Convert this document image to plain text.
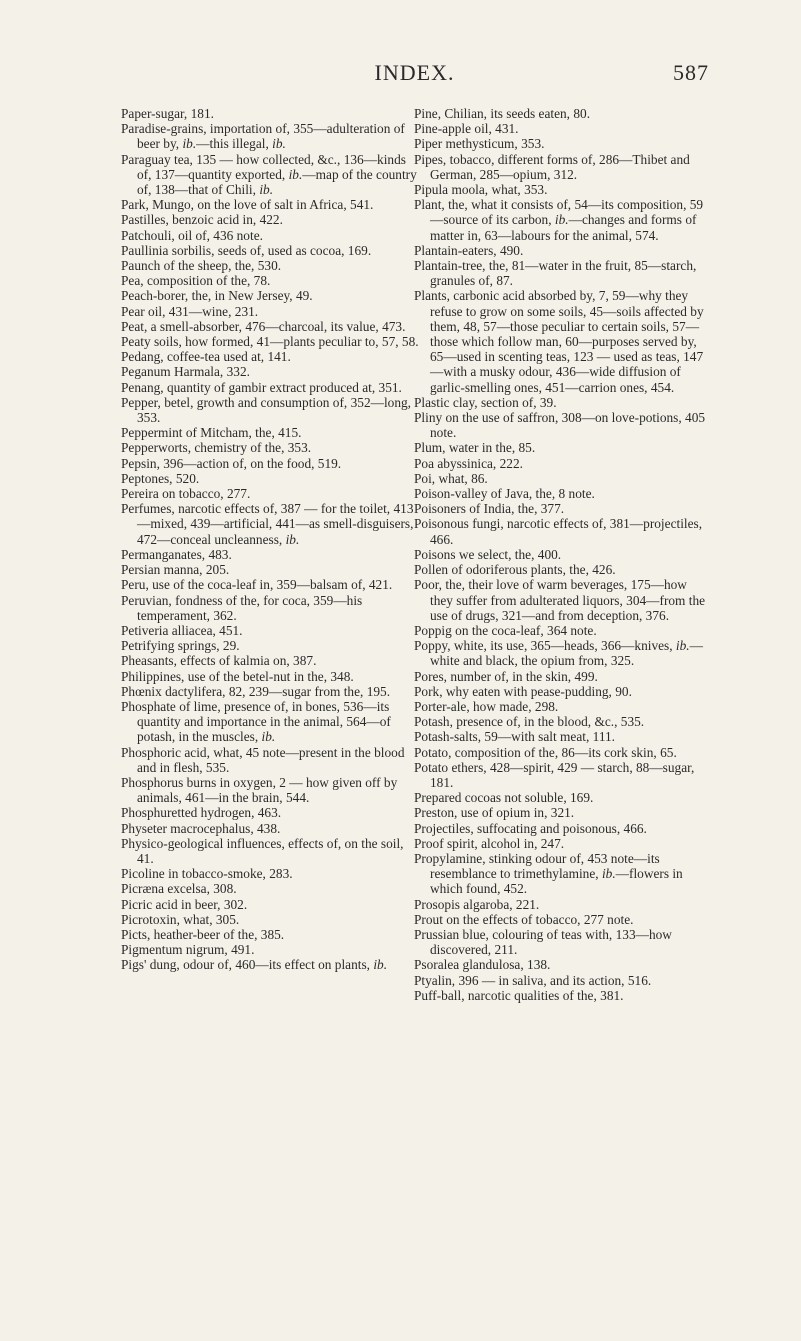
INDEX.	587

Paper-sugar, 181.

Paradise-grains, importation of, 355—adulteration of beer by, ib.—this illegal, ib.

Paraguay tea, 135 — how collected, &c., 136—kinds of, 137—quantity exported, ib.—map of the country of, 138—that of Chili, ib.

Park, Mungo, on the love of salt in Africa, 541.

Pastilles, benzoic acid in, 422.

Patchouli, oil of, 436 note.

Paullinia sorbilis, seeds of, used as cocoa, 169.

Paunch of the sheep, the, 530.

Pea, composition of the, 78.

Peach-borer, the, in New Jersey, 49.

Pear oil, 431—wine, 231.

Peat, a smell-absorber, 476—charcoal, its value, 473.

Peaty soils, how formed, 41—plants peculiar to, 57, 58.

Pedang, coffee-tea used at, 141.

Peganum Harmala, 332.

Penang, quantity of gambir extract produced at, 351.

Pepper, betel, growth and consumption of, 352—long, 353.

Peppermint of Mitcham, the, 415.

Pepperworts, chemistry of the, 353.

Pepsin, 396—action of, on the food, 519.

Peptones, 520.

Pereira on tobacco, 277.

Perfumes, narcotic effects of, 387 — for the toilet, 413—mixed, 439—artificial, 441—as smell-disguisers, 472—conceal uncleanness, ib.

Permanganates, 483.

Persian manna, 205.

Peru, use of the coca-leaf in, 359—balsam of, 421.

Peruvian, fondness of the, for coca, 359—his temperament, 362.

Petiveria alliacea, 451.

Petrifying springs, 29.

Pheasants, effects of kalmia on, 387.

Philippines, use of the betel-nut in the, 348.

Phœnix dactylifera, 82, 239—sugar from the, 195.

Phosphate of lime, presence of, in bones, 536—its quantity and importance in the animal, 564—of potash, in the muscles, ib.

Phosphoric acid, what, 45 note—present in the blood and in flesh, 535.

Phosphorus burns in oxygen, 2 — how given off by animals, 461—in the brain, 544.

Phosphuretted hydrogen, 463.

Physeter macrocephalus, 438.

Physico-geological influences, effects of, on the soil, 41.

Picoline in tobacco-smoke, 283.

Picræna excelsa, 308.

Picric acid in beer, 302.

Picrotoxin, what, 305.

Picts, heather-beer of the, 385.

Pigmentum nigrum, 491.

Pigs' dung, odour of, 460—its effect on plants, ib.

Pine, Chilian, its seeds eaten, 80.

Pine-apple oil, 431.

Piper methysticum, 353.

Pipes, tobacco, different forms of, 286—Thibet and German, 285—opium, 312.

Pipula moola, what, 353.

Plant, the, what it consists of, 54—its composition, 59—source of its carbon, ib.—changes and forms of matter in, 63—labours for the animal, 574.

Plantain-eaters, 490.

Plantain-tree, the, 81—water in the fruit, 85—starch, granules of, 87.

Plants, carbonic acid absorbed by, 7, 59—why they refuse to grow on some soils, 45—soils affected by them, 48, 57—those peculiar to certain soils, 57—those which follow man, 60—purposes served by, 65—used in scenting teas, 123 — used as teas, 147—with a musky odour, 436—wide diffusion of garlic-smelling ones, 451—carrion ones, 454.

Plastic clay, section of, 39.

Pliny on the use of saffron, 308—on love-potions, 405 note.

Plum, water in the, 85.

Poa abyssinica, 222.

Poi, what, 86.

Poison-valley of Java, the, 8 note.

Poisoners of India, the, 377.

Poisonous fungi, narcotic effects of, 381—projectiles, 466.

Poisons we select, the, 400.

Pollen of odoriferous plants, the, 426.

Poor, the, their love of warm beverages, 175—how they suffer from adulterated liquors, 304—from the use of drugs, 321—and from deception, 376.

Poppig on the coca-leaf, 364 note.

Poppy, white, its use, 365—heads, 366—knives, ib.—white and black, the opium from, 325.

Pores, number of, in the skin, 499.

Pork, why eaten with pease-pudding, 90.

Porter-ale, how made, 298.

Potash, presence of, in the blood, &c., 535.

Potash-salts, 59—with salt meat, 111.

Potato, composition of the, 86—its cork skin, 65.

Potato ethers, 428—spirit, 429 — starch, 88—sugar, 181.

Prepared cocoas not soluble, 169.

Preston, use of opium in, 321.

Projectiles, suffocating and poisonous, 466.

Proof spirit, alcohol in, 247.

Propylamine, stinking odour of, 453 note—its resemblance to trimethylamine, ib.—flowers in which found, 452.

Prosopis algaroba, 221.

Prout on the effects of tobacco, 277 note.

Prussian blue, colouring of teas with, 133—how discovered, 211.

Psoralea glandulosa, 138.

Ptyalin, 396 — in saliva, and its action, 516.

Puff-ball, narcotic qualities of the, 381.
